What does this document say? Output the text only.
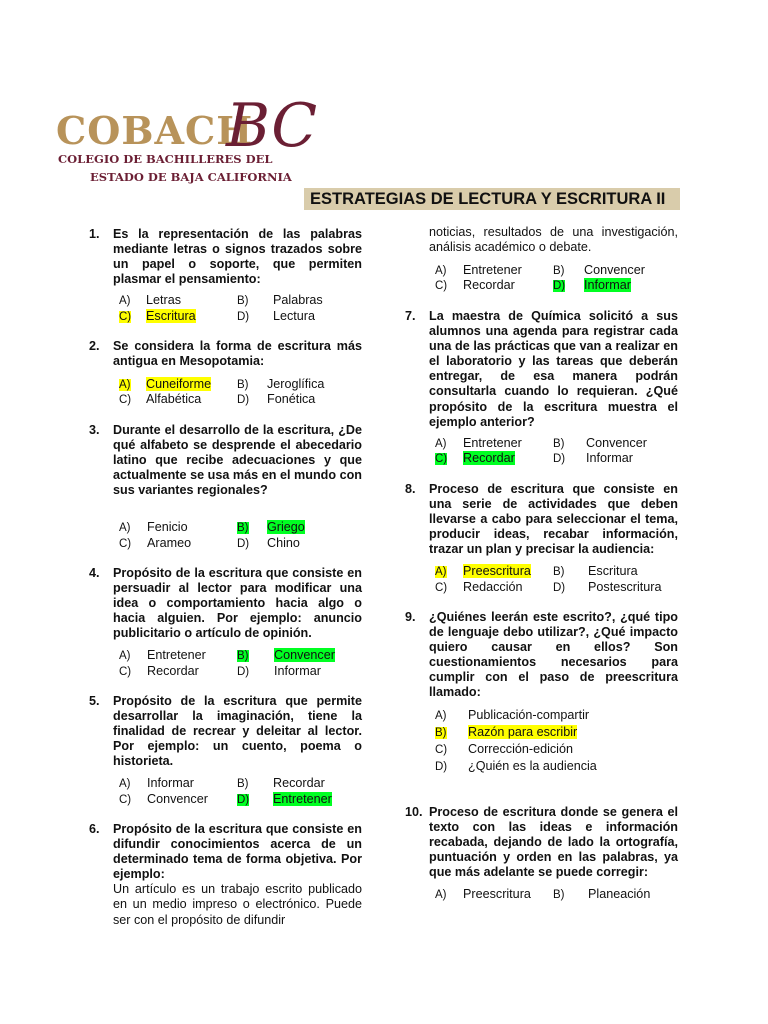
COBACH
BC
COLEGIO DE BACHILLERES DEL
ESTADO DE BAJA CALIFORNIA
ESTRATEGIAS DE LECTURA Y ESCRITURA II
1. Es la representación de las palabras mediante letras o signos trazados sobre un papel o soporte, que permiten plasmar el pensamiento:
A) Letras	B) Palabras
C) Escritura	D) Lectura
2. Se considera la forma de escritura más antigua en Mesopotamia:
A) Cuneiforme B) Jeroglífica
C) Alfabética	D) Fonética
3. Durante el desarrollo de la escritura, ¿De qué alfabeto se desprende el abecedario latino que recibe adecuaciones y que actualmente se usa más en el mundo con sus variantes regionales?
A) Fenicio	B) Griego
C) Arameo	D) Chino
4. Propósito de la escritura que consiste en persuadir al lector para modificar una idea o comportamiento hacia algo o hacia alguien. Por ejemplo: anuncio publicitario o artículo de opinión.
A) Entretener	B) Convencer
C) Recordar	D) Informar
5. Propósito de la escritura que permite desarrollar la imaginación, tiene la finalidad de recrear y deleitar al lector. Por ejemplo: un cuento, poema o historieta.
A) Informar	B) Recordar
C) Convencer	D) Entretener
6. Propósito de la escritura que consiste en difundir conocimientos acerca de un determinado tema de forma objetiva. Por ejemplo:
Un artículo es un trabajo escrito publicado en un medio impreso o electrónico. Puede ser con el propósito de difundir
noticias, resultados de una investigación, análisis académico o debate.
A) Entretener	B) Convencer
C) Recordar	D) Informar
7. La maestra de Química solicitó a sus alumnos una agenda para registrar cada una de las prácticas que van a realizar en el laboratorio y las tareas que deberán entregar, de esa manera podrán consultarla cuando lo requieran. ¿Qué propósito de la escritura muestra el ejemplo anterior?
A) Entretener	B) Convencer
C) Recordar	D) Informar
8. Proceso de escritura que consiste en una serie de actividades que deben llevarse a cabo para seleccionar el tema, producir ideas, recabar información, trazar un plan y precisar la audiencia:
A) Preescritura B) Escritura
C) Redacción	D) Postescritura
9. ¿Quiénes leerán este escrito?, ¿qué tipo de lenguaje debo utilizar?, ¿Qué impacto quiero causar en ellos? Son cuestionamientos necesarios para cumplir con el paso de preescritura llamado:
A) Publicación-compartir
B) Razón para escribir
C) Corrección-edición
D) ¿Quién es la audiencia
10. Proceso de escritura donde se genera el texto con las ideas e información recabada, dejando de lado la ortografía, puntuación y orden en las palabras, ya que más adelante se puede corregir:
A) Preescritura B) Planeación
